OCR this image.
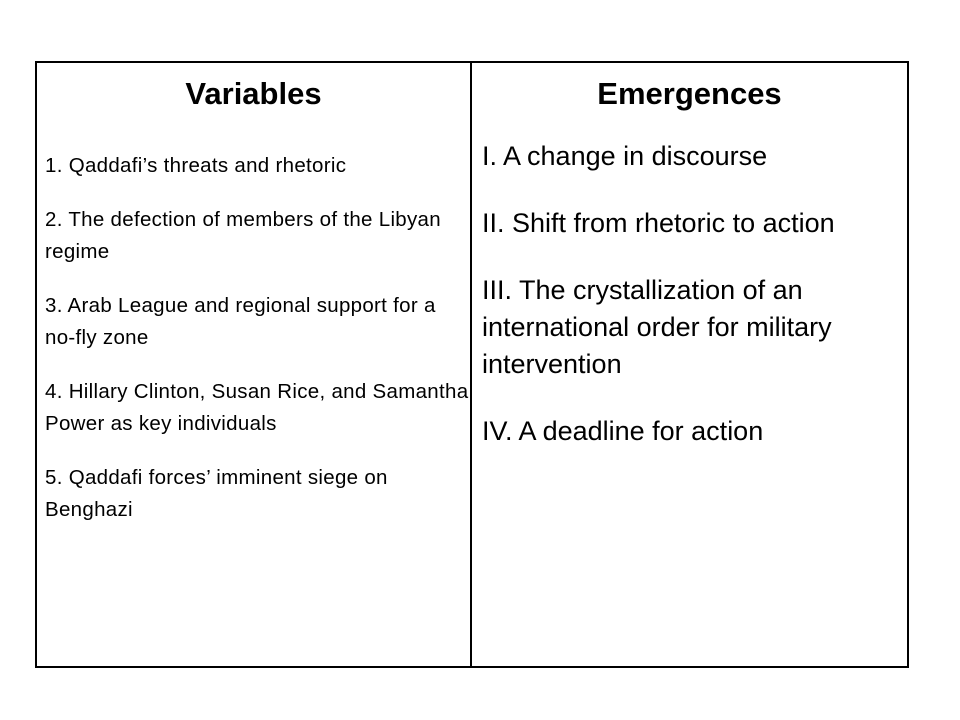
Variables
1. Qaddafi’s threats and rhetoric
2. The defection of members of the Libyan regime
3. Arab League and regional support for a no-fly zone
4. Hillary Clinton, Susan Rice, and Samantha Power as key individuals
5. Qaddafi forces’ imminent siege on Benghazi
Emergences
I. A change in discourse
II. Shift from rhetoric to action
III. The crystallization of an international order for military intervention
IV. A deadline for action
